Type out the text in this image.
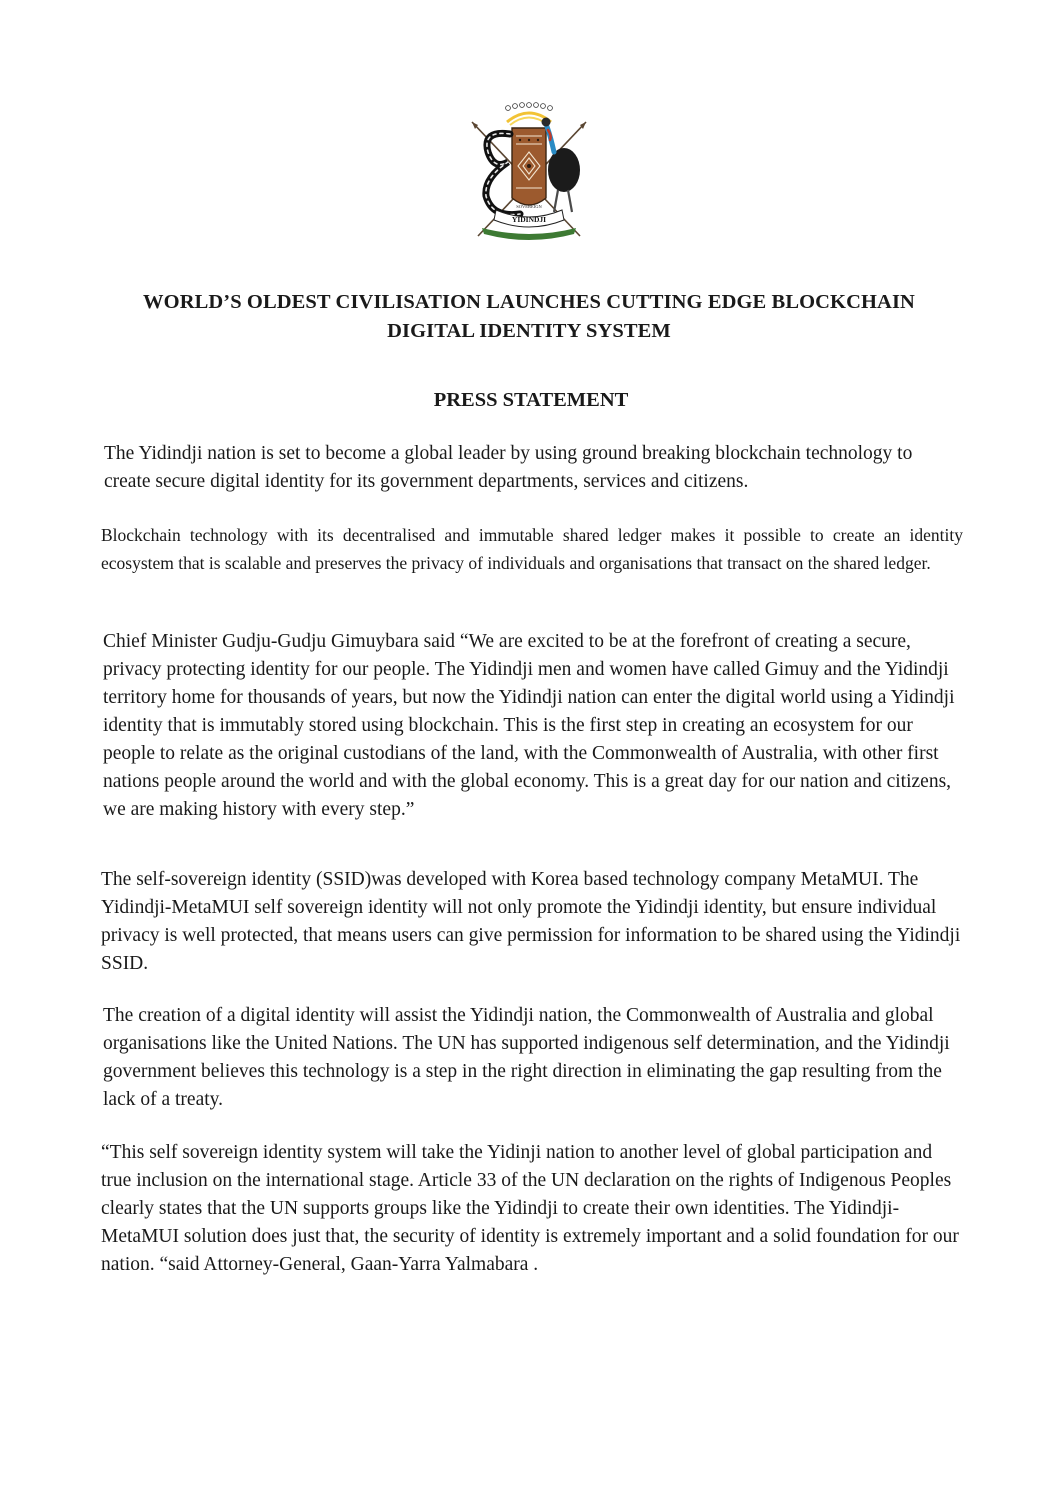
SOVEREIGN
YIDINDJI
WORLD’S OLDEST CIVILISATION LAUNCHES CUTTING EDGE BLOCKCHAIN
DIGITAL IDENTITY SYSTEM
PRESS STATEMENT

The Yidindji nation is set to become a global leader by using ground breaking blockchain technology to create secure digital identity for its government departments, services and citizens.

Blockchain technology with its decentralised and immutable shared ledger makes it possible to create an identity ecosystem that is scalable and preserves the privacy of individuals and organisations that transact on the shared ledger.

Chief Minister Gudju-Gudju Gimuybara said “We are excited to be at the forefront of creating a secure, privacy protecting identity for our people. The Yidindji men and women have called Gimuy and the Yidindji territory home for thousands of years, but now the Yidindji nation can enter the digital world using a Yidindji identity that is immutably stored using blockchain. This is the first step in creating an ecosystem for our people to relate as the original custodians of the land, with the Commonwealth of Australia, with other first nations people around the world and with the global economy. This is a great day for our nation and citizens, we are making history with every step.”

The self-sovereign identity (SSID)was developed with Korea based technology company MetaMUI. The Yidindji-MetaMUI self sovereign identity will not only promote the Yidindji identity, but ensure individual privacy is well protected, that means users can give permission for information to be shared using the Yidindji SSID.

The creation of a digital identity will assist the Yidindji nation, the Commonwealth of Australia and global organisations like the United Nations. The UN has supported indigenous self determination, and the Yidindji government believes this technology is a step in the right direction in eliminating the gap resulting from the lack of a treaty.

“This self sovereign identity system will take the Yidinji nation to another level of global participation and true inclusion on the international stage. Article 33 of the UN declaration on the rights of Indigenous Peoples clearly states that the UN supports groups like the Yidindji to create their own identities. The Yidindji-MetaMUI solution does just that, the security of identity is extremely important and a solid foundation for our nation. “said Attorney-General, Gaan-Yarra Yalmabara .
